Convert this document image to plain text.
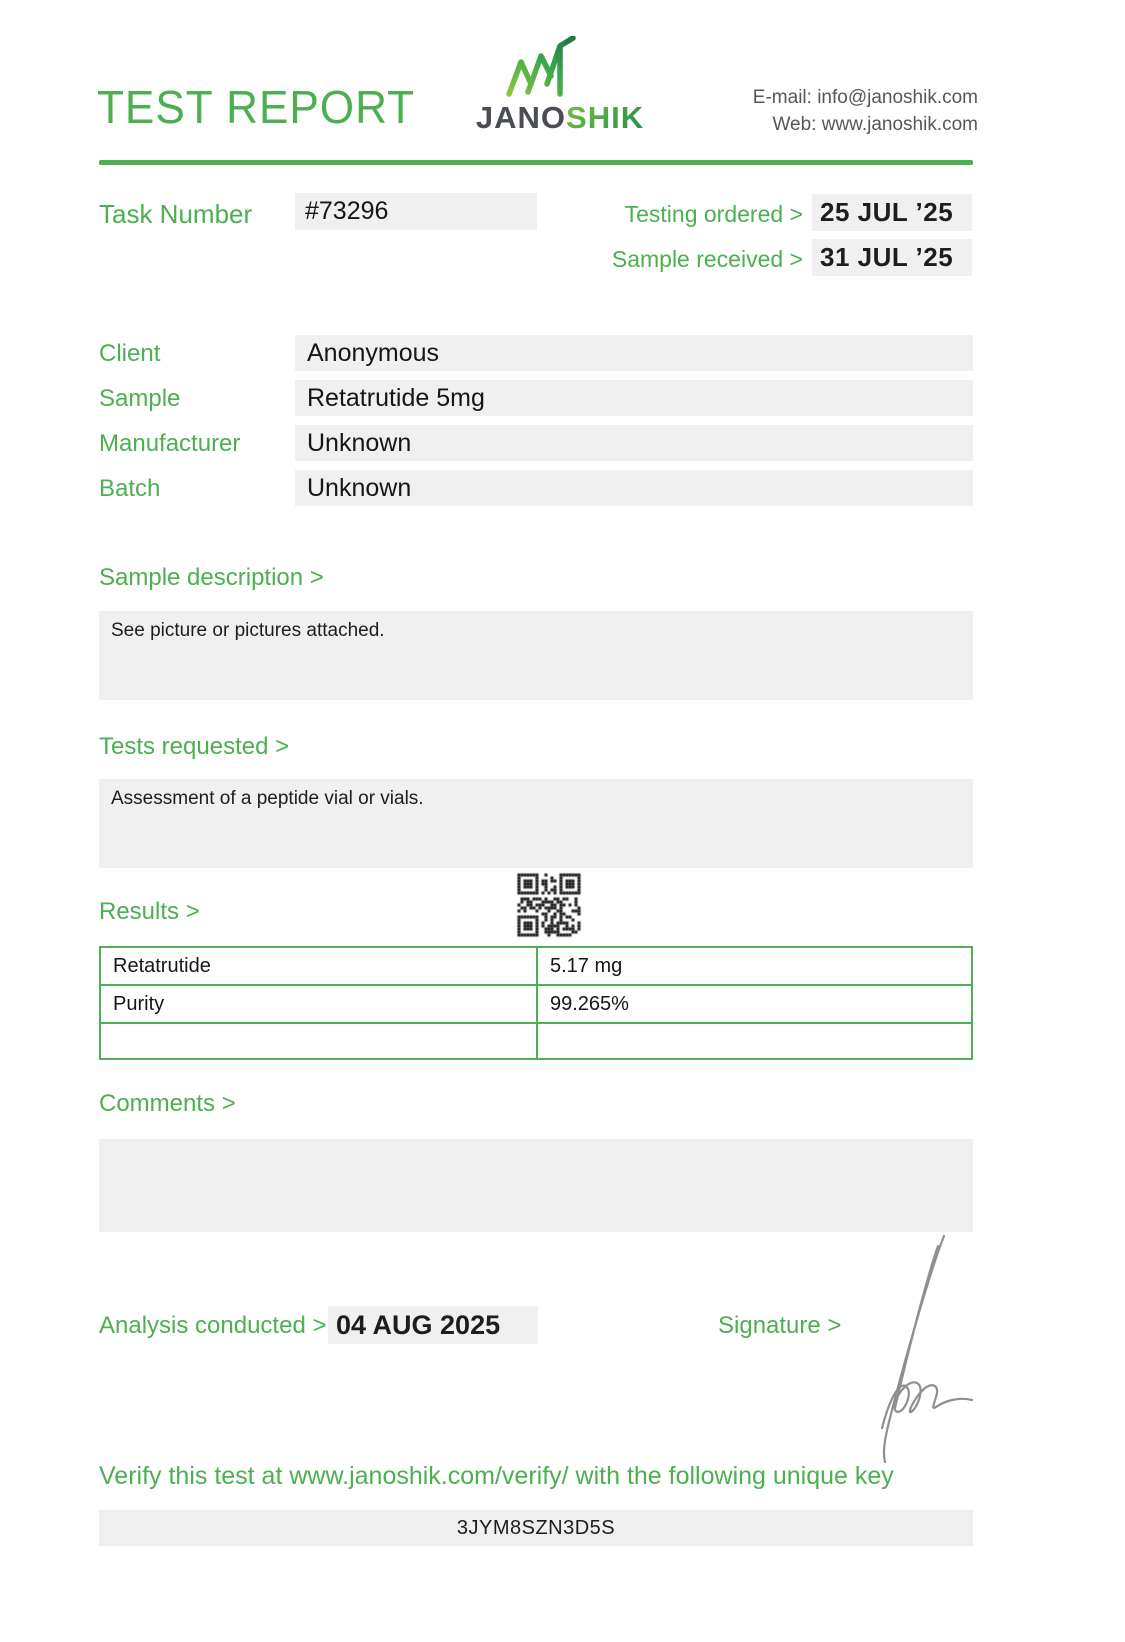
TEST REPORT	JANOSHIK
E-mail: info@janoshik.com
Web: www.janoshik.com
Task Number	#73296	Testing ordered > 25 JUL ’25
Sample received > 31 JUL ’25
Client	Anonymous
Sample	Retatrutide 5mg
Manufacturer	Unknown
Batch	Unknown
Sample description >
See picture or pictures attached.
Tests requested >
Assessment of a peptide vial or vials.
Results >
Retatrutide	5.17 mg
Purity	99.265%
Comments >
Analysis conducted > 04 AUG 2025	Signature >
Verify this test at www.janoshik.com/verify/ with the following unique key
3JYM8SZN3D5S
